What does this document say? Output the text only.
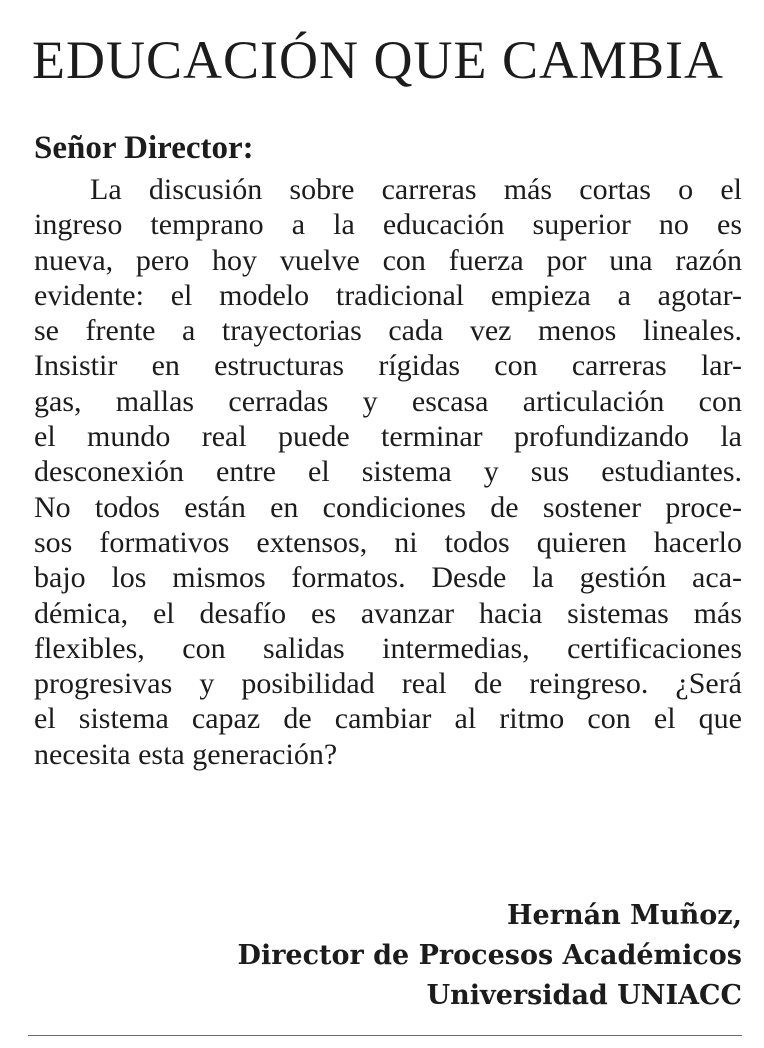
EDUCACIÓN QUE CAMBIA
Señor Director:
La discusión sobre carreras más cortas o el
ingreso temprano a la educación superior no es
nueva, pero hoy vuelve con fuerza por una razón
evidente: el modelo tradicional empieza a agotar-
se frente a trayectorias cada vez menos lineales.
Insistir en estructuras rígidas con carreras lar-
gas, mallas cerradas y escasa articulación con
el mundo real puede terminar profundizando la
desconexión entre el sistema y sus estudiantes.
No todos están en condiciones de sostener proce-
sos formativos extensos, ni todos quieren hacerlo
bajo los mismos formatos. Desde la gestión aca-
démica, el desafío es avanzar hacia sistemas más
flexibles, con salidas intermedias, certificaciones
progresivas y posibilidad real de reingreso. ¿Será
el sistema capaz de cambiar al ritmo con el que
necesita esta generación?
Hernán Muñoz,
Director de Procesos Académicos
Universidad UNIACC
